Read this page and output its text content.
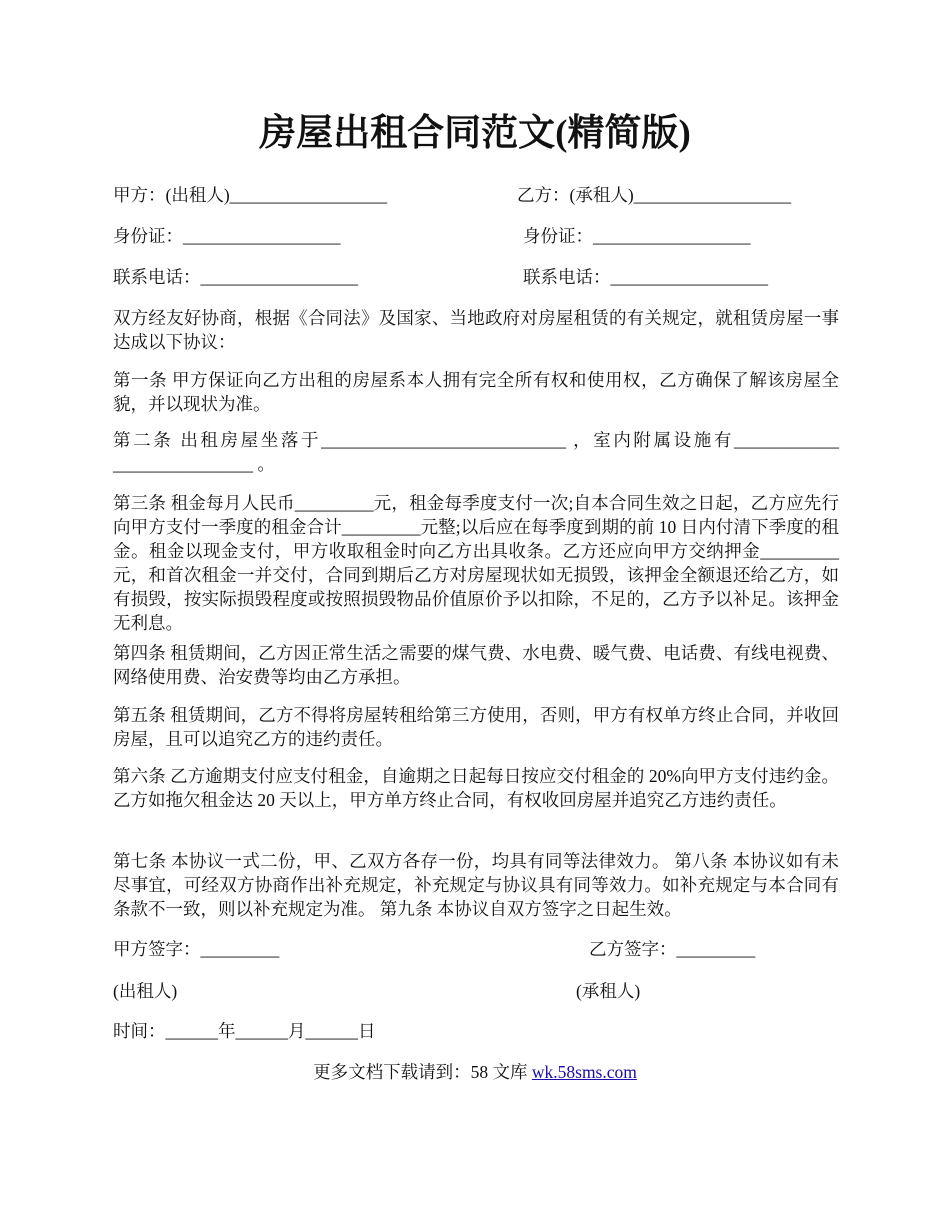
房屋出租合同范文(精简版)
甲方：(出租人)__________________	乙方：(承租人)__________________
身份证：__________________	身份证：__________________
联系电话：__________________	联系电话：__________________
双方经友好协商，根据《合同法》及国家、当地政府对房屋租赁的有关规定，就租赁房屋一事达成以下协议：
第一条 甲方保证向乙方出租的房屋系本人拥有完全所有权和使用权，乙方确保了解该房屋全貌，并以现状为准。
第二条 出租房屋坐落于____________________________ ，室内附属设施有____________ ________________ 。
第三条 租金每月人民币_________元，租金每季度支付一次;自本合同生效之日起，乙方应先行向甲方支付一季度的租金合计_________元整;以后应在每季度到期的前 10 日内付清下季度的租金。租金以现金支付，甲方收取租金时向乙方出具收条。乙方还应向甲方交纳押金_________元，和首次租金一并交付，合同到期后乙方对房屋现状如无损毁，该押金全额退还给乙方，如有损毁，按实际损毁程度或按照损毁物品价值原价予以扣除，不足的，乙方予以补足。该押金无利息。
第四条 租赁期间，乙方因正常生活之需要的煤气费、水电费、暖气费、电话费、有线电视费、网络使用费、治安费等均由乙方承担。
第五条 租赁期间，乙方不得将房屋转租给第三方使用，否则，甲方有权单方终止合同，并收回房屋，且可以追究乙方的违约责任。
第六条 乙方逾期支付应支付租金，自逾期之日起每日按应交付租金的 20%向甲方支付违约金。乙方如拖欠租金达 20 天以上，甲方单方终止合同，有权收回房屋并追究乙方违约责任。
第七条 本协议一式二份，甲、乙双方各存一份，均具有同等法律效力。 第八条 本协议如有未尽事宜，可经双方协商作出补充规定，补充规定与协议具有同等效力。如补充规定与本合同有条款不一致，则以补充规定为准。 第九条 本协议自双方签字之日起生效。
甲方签字：_________	乙方签字：_________
(出租人)	(承租人)
时间：______年______月______日
更多文档下载请到：58 文库 wk.58sms.com
